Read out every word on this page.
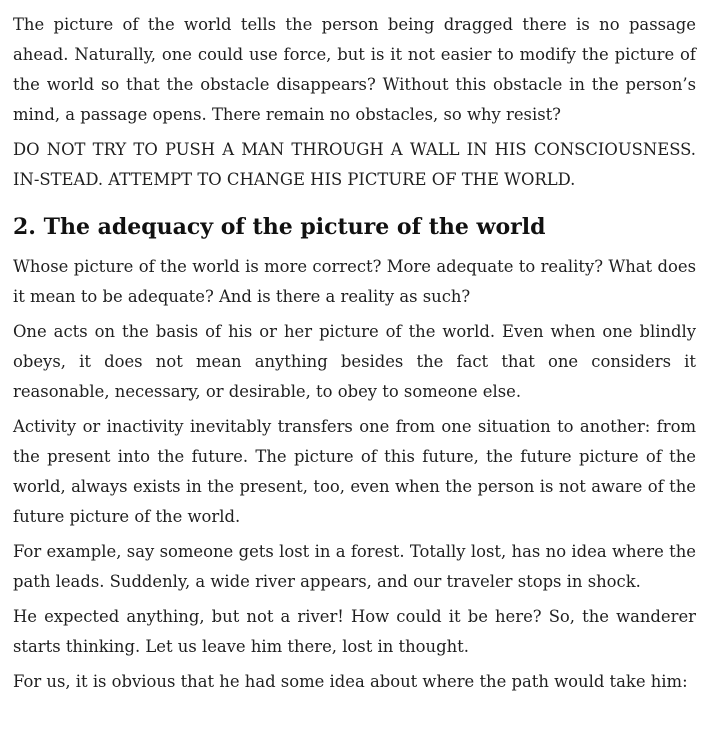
The picture of the world tells the person being dragged there is no passage ahead. Naturally, one could use force, but is it not easier to modify the picture of the world so that the obstacle disappears? Without this obstacle in the person’s mind, a passage opens. There remain no obstacles, so why resist?

DO NOT TRY TO PUSH A MAN THROUGH A WALL IN HIS CONSCIOUSNESS. IN-STEAD. ATTEMPT TO CHANGE HIS PICTURE OF THE WORLD.

2. The adequacy of the picture of the world

Whose picture of the world is more correct? More adequate to reality? What does it mean to be adequate? And is there a reality as such?

One acts on the basis of his or her picture of the world. Even when one blindly obeys, it does not mean anything besides the fact that one considers it reasonable, necessary, or desirable, to obey to someone else.

Activity or inactivity inevitably transfers one from one situation to another: from the present into the future. The picture of this future, the future picture of the world, always exists in the present, too, even when the person is not aware of the future picture of the world.

For example, say someone gets lost in a forest. Totally lost, has no idea where the path leads. Suddenly, a wide river appears, and our traveler stops in shock.

He expected anything, but not a river! How could it be here? So, the wanderer starts thinking. Let us leave him there, lost in thought.

For us, it is obvious that he had some idea about where the path would take him:
